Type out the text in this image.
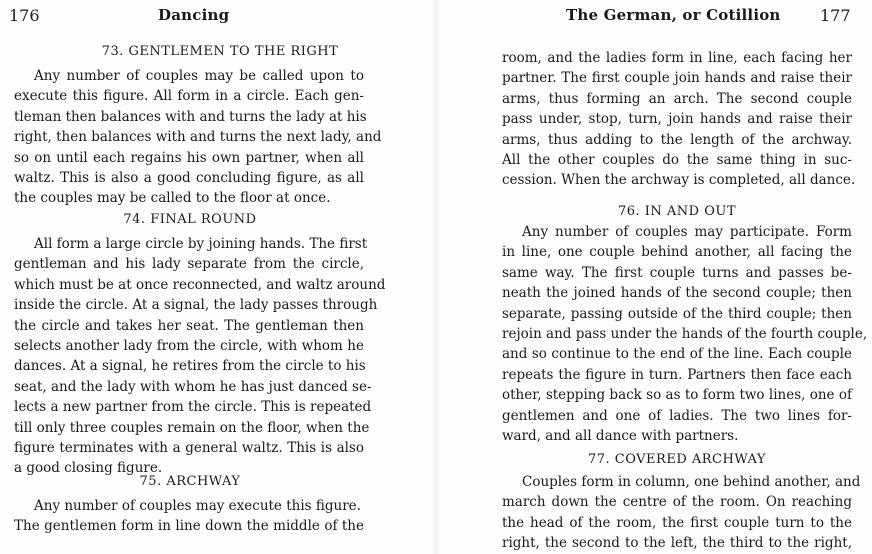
176	Dancing
73. GENTLEMEN TO THE RIGHT
Any number of couples may be called upon to
execute this figure. All form in a circle. Each gen-
tleman then balances with and turns the lady at his
right, then balances with and turns the next lady, and
so on until each regains his own partner, when all
waltz. This is also a good concluding figure, as all
the couples may be called to the floor at once.
74. FINAL ROUND
All form a large circle by joining hands. The first
gentleman and his lady separate from the circle,
which must be at once reconnected, and waltz around
inside the circle. At a signal, the lady passes through
the circle and takes her seat. The gentleman then
selects another lady from the circle, with whom he
dances. At a signal, he retires from the circle to his
seat, and the lady with whom he has just danced se-
lects a new partner from the circle. This is repeated
till only three couples remain on the floor, when the
figure terminates with a general waltz. This is also
a good closing figure.
75. ARCHWAY
Any number of couples may execute this figure.
The gentlemen form in line down the middle of the
The German, or Cotillion 177
room, and the ladies form in line, each facing her
partner. The first couple join hands and raise their
arms, thus forming an arch. The second couple
pass under, stop, turn, join hands and raise their
arms, thus adding to the length of the archway.
All the other couples do the same thing in suc-
cession. When the archway is completed, all dance.
76. IN AND OUT
Any number of couples may participate. Form
in line, one couple behind another, all facing the
same way. The first couple turns and passes be-
neath the joined hands of the second couple; then
separate, passing outside of the third couple; then
rejoin and pass under the hands of the fourth couple,
and so continue to the end of the line. Each couple
repeats the figure in turn. Partners then face each
other, stepping back so as to form two lines, one of
gentlemen and one of ladies. The two lines for-
ward, and all dance with partners.
77. COVERED ARCHWAY
Couples form in column, one behind another, and
march down the centre of the room. On reaching
the head of the room, the first couple turn to the
right, the second to the left, the third to the right,
